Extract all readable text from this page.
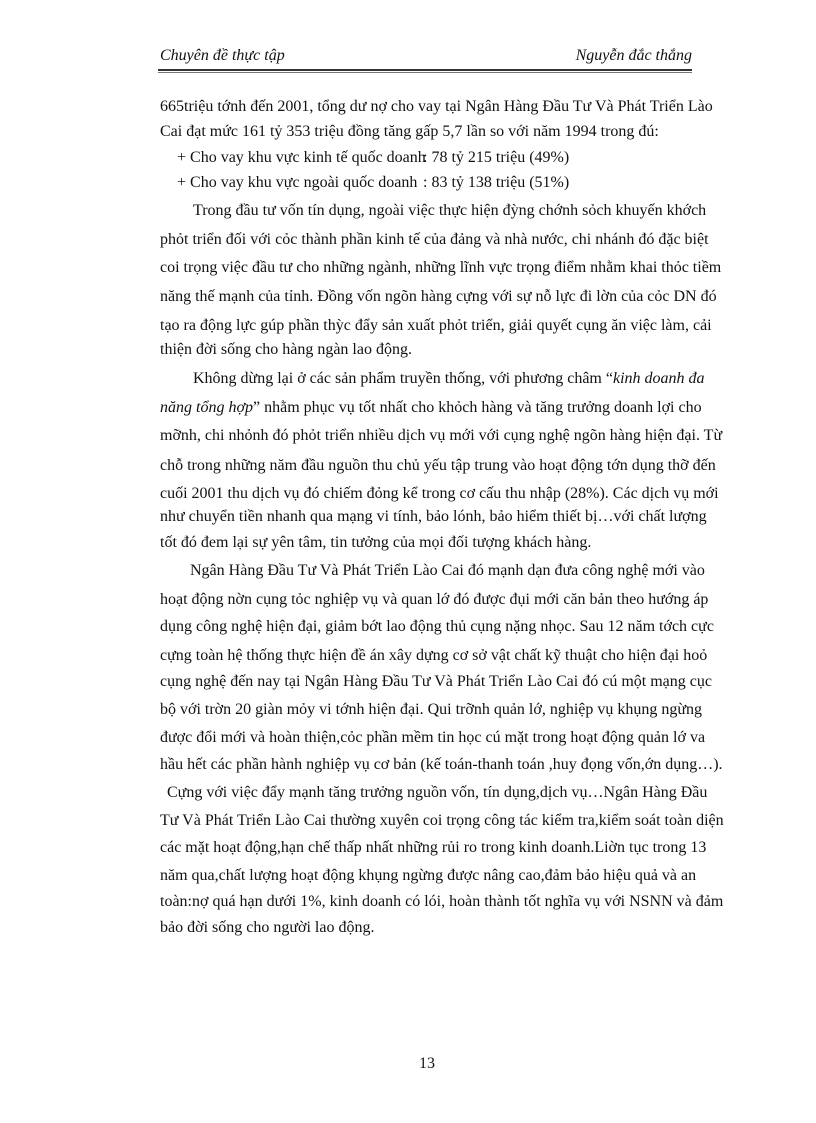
Chuyên đề thực tập	Nguyễn đắc thắng
665triệu tớnh đến 2001, tổng dư nợ cho vay tại Ngân Hàng Đầu Tư Và Phát Triển Lào
Cai đạt mức 161 tỷ 353 triệu đồng tăng gấp 5,7 lần so với năm 1994 trong đú:
+ Cho vay khu vực kinh tế quốc doanh
: 78 tỷ 215 triệu (49%)
+ Cho vay khu vực ngoài quốc doanh : 83 tỷ 138 triệu (51%)
Trong đầu tư vốn tín dụng, ngoài việc thực hiện đỳng chớnh sỏch khuyến khớch
phỏt triển đối với cỏc thành phần kinh tế của đảng và nhà nước, chi nhánh đó đặc biệt
coi trọng việc đầu tư cho những ngành, những lĩnh vực trọng điểm nhằm khai thỏc tiềm
năng thế mạnh của tỉnh. Đồng vốn ngõn hàng cựng với sự nỗ lực đi lờn của cỏc DN đó
tạo ra động lực gúp phần thỳc đẩy sản xuất phỏt triển, giải quyết cụng ăn việc làm, cải
thiện đời sống cho hàng ngàn lao động.
Không dừng lại ở các sản phẩm truyền thống, với phương châm “kinh doanh đa
năng tổng hợp” nhằm phục vụ tốt nhất cho khỏch hàng và tăng trưởng doanh lợi cho
mỡnh, chi nhỏnh đó phỏt triển nhiều dịch vụ mới với cụng nghệ ngõn hàng hiện đại. Từ
chỗ trong những năm đầu nguồn thu chủ yếu tập trung vào hoạt động tớn dụng thỡ đến
cuối 2001 thu dịch vụ đó chiếm đỏng kể trong cơ cấu thu nhập (28%). Các dịch vụ mới
như chuyển tiền nhanh qua mạng vi tính, bảo lónh, bảo hiểm thiết bị…với chất lượng
tốt đó đem lại sự yên tâm, tin tưởng của mọi đối tượng khách hàng.
Ngân Hàng Đầu Tư Và Phát Triển Lào Cai đó mạnh dạn đưa công nghệ mới vào
hoạt động nờn cụng tỏc nghiệp vụ và quan lớ đó được đụi mới căn bản theo hướng áp
dụng công nghệ hiện đại, giảm bớt lao động thủ cụng nặng nhọc. Sau 12 năm tớch cực
cựng toàn hệ thống thực hiện đề án xây dựng cơ sở vật chất kỹ thuật cho hiện đại hoỏ
cụng nghệ đến nay tại Ngân Hàng Đầu Tư Và Phát Triển Lào Cai đó cú một mạng cục
bộ với trờn 20 giàn mỏy vi tớnh hiện đại. Qui trỡnh quản lớ, nghiệp vụ khụng ngừng
được đổi mới và hoàn thiện,cỏc phần mềm tin học cú mặt trong hoạt động quản lớ va
hầu hết các phần hành nghiệp vụ cơ bản (kế toán-thanh toán ,huy đọng vốn,ớn dụng…).
Cựng với việc đẩy mạnh tăng trưởng nguồn vốn, tín dụng,dịch vụ…Ngân Hàng Đầu
Tư Và Phát Triển Lào Cai thường xuyên coi trọng công tác kiểm tra,kiểm soát toàn diện
các mặt hoạt động,hạn chế thấp nhất những rủi ro trong kinh doanh.Liờn tục trong 13
năm qua,chất lượng hoạt động khụng ngừng được nâng cao,đảm bảo hiệu quả và an
toàn:nợ quá hạn dưới 1%, kinh doanh có lói, hoàn thành tốt nghĩa vụ với NSNN và đảm
bảo đời sống cho người lao động.
13
